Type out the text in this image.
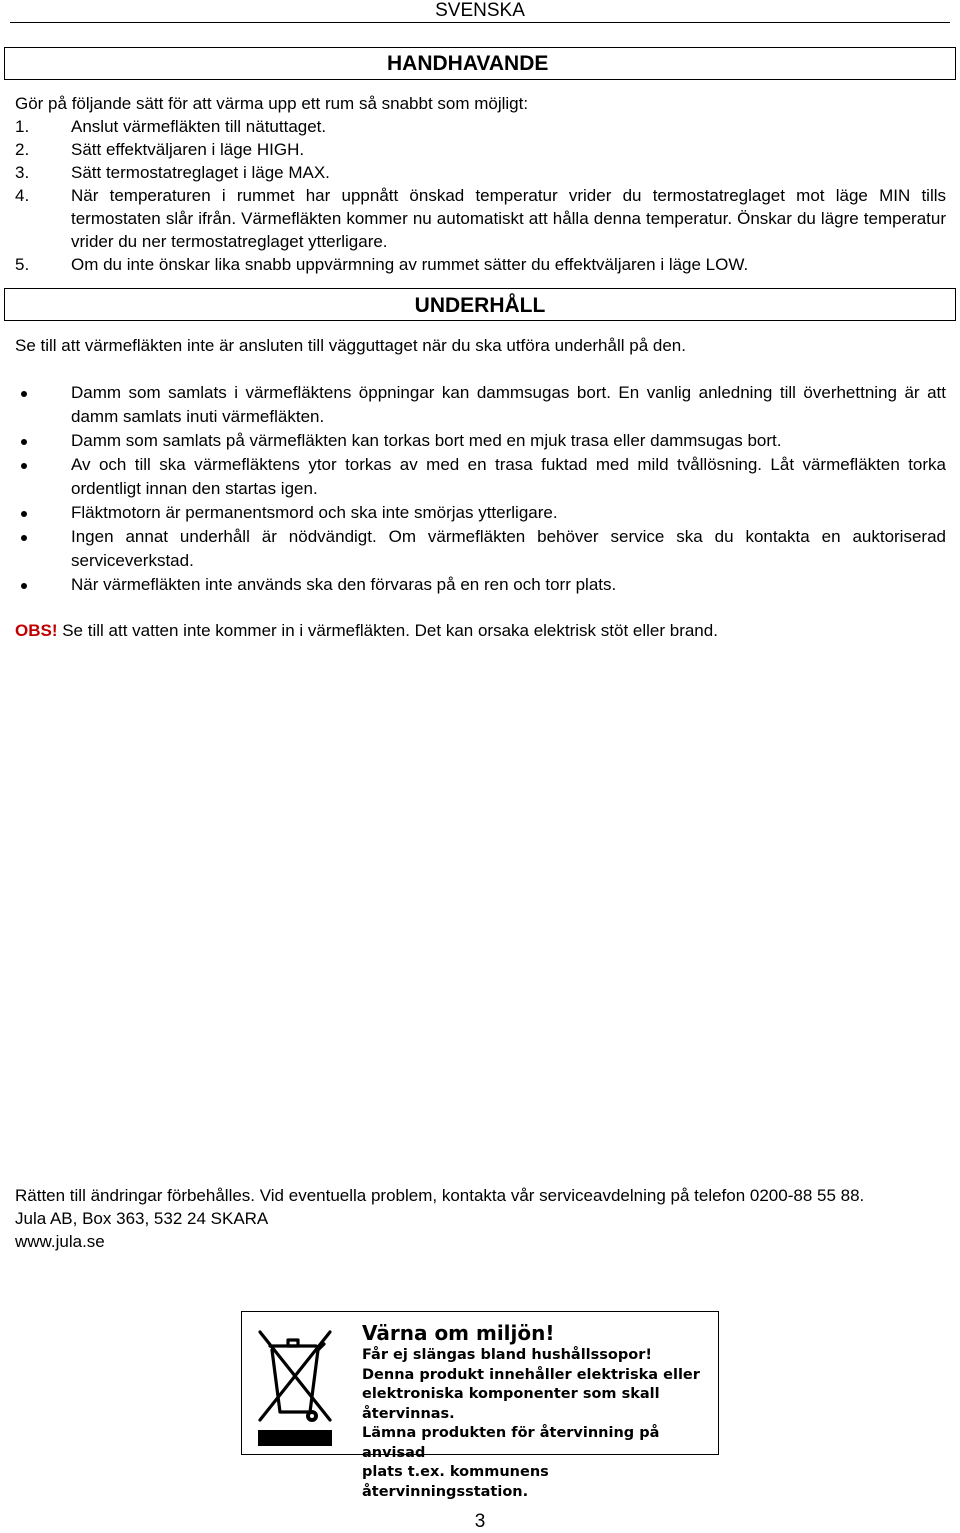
SVENSKA
HANDHAVANDE
Gör på följande sätt för att värma upp ett rum så snabbt som möjligt:
1. Anslut värmefläkten till nätuttaget.
2. Sätt effektväljaren i läge HIGH.
3. Sätt termostatreglaget i läge MAX.
4. När temperaturen i rummet har uppnått önskad temperatur vrider du termostatreglaget mot läge MIN tills termostaten slår ifrån. Värmefläkten kommer nu automatiskt att hålla denna temperatur. Önskar du lägre temperatur vrider du ner termostatreglaget ytterligare.
5. Om du inte önskar lika snabb uppvärmning av rummet sätter du effektväljaren i läge LOW.
UNDERHÅLL
Se till att värmefläkten inte är ansluten till vägguttaget när du ska utföra underhåll på den.
Damm som samlats i värmefläktens öppningar kan dammsugas bort. En vanlig anledning till överhettning är att damm samlats inuti värmefläkten.
Damm som samlats på värmefläkten kan torkas bort med en mjuk trasa eller dammsugas bort.
Av och till ska värmefläktens ytor torkas av med en trasa fuktad med mild tvållösning. Låt värmefläkten torka ordentligt innan den startas igen.
Fläktmotorn är permanentsmord och ska inte smörjas ytterligare.
Ingen annat underhåll är nödvändigt. Om värmefläkten behöver service ska du kontakta en auktoriserad serviceverkstad.
När värmefläkten inte används ska den förvaras på en ren och torr plats.
OBS! Se till att vatten inte kommer in i värmefläkten. Det kan orsaka elektrisk stöt eller brand.
Rätten till ändringar förbehålles. Vid eventuella problem, kontakta vår serviceavdelning på telefon 0200-88 55 88.
Jula AB, Box 363, 532 24 SKARA
www.jula.se
Värna om miljön!
Får ej slängas bland hushållssopor!
Denna produkt innehåller elektriska eller
elektroniska komponenter som skall återvinnas.
Lämna produkten för återvinning på anvisad
plats t.ex. kommunens återvinningsstation.
3
